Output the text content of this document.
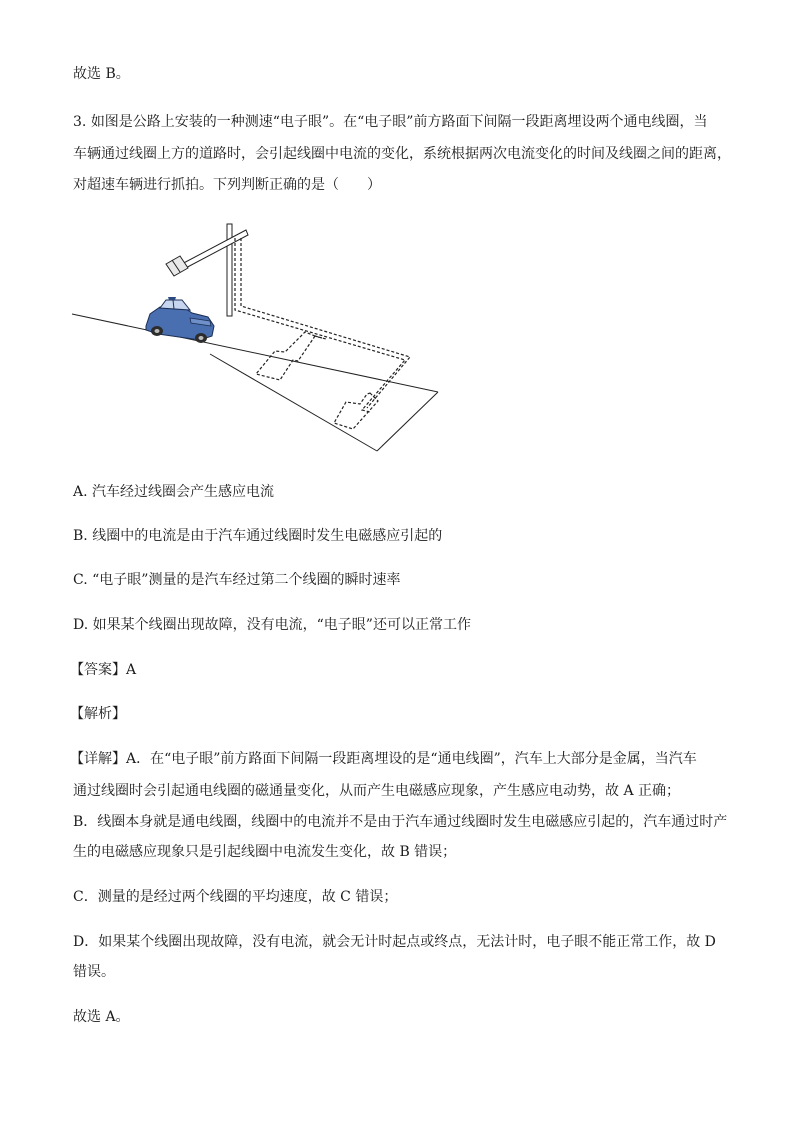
故选 B。
3. 如图是公路上安装的一种测速“电子眼”。在“电子眼”前方路面下间隔一段距离埋设两个通电线圈，当
车辆通过线圈上方的道路时，会引起线圈中电流的变化，系统根据两次电流变化的时间及线圈之间的距离，
对超速车辆进行抓拍。下列判断正确的是（　　）
A. 汽车经过线圈会产生感应电流
B. 线圈中的电流是由于汽车通过线圈时发生电磁感应引起的
C. “电子眼”测量的是汽车经过第二个线圈的瞬时速率
D. 如果某个线圈出现故障，没有电流，“电子眼”还可以正常工作
【答案】A
【解析】
【详解】A．在“电子眼”前方路面下间隔一段距离埋设的是“通电线圈”，汽车上大部分是金属，当汽车
通过线圈时会引起通电线圈的磁通量变化，从而产生电磁感应现象，产生感应电动势，故 A 正确；
B．线圈本身就是通电线圈，线圈中的电流并不是由于汽车通过线圈时发生电磁感应引起的，汽车通过时产
生的电磁感应现象只是引起线圈中电流发生变化，故 B 错误；
C．测量的是经过两个线圈的平均速度，故 C 错误；
D．如果某个线圈出现故障，没有电流，就会无计时起点或终点，无法计时，电子眼不能正常工作，故 D
错误。
故选 A。
